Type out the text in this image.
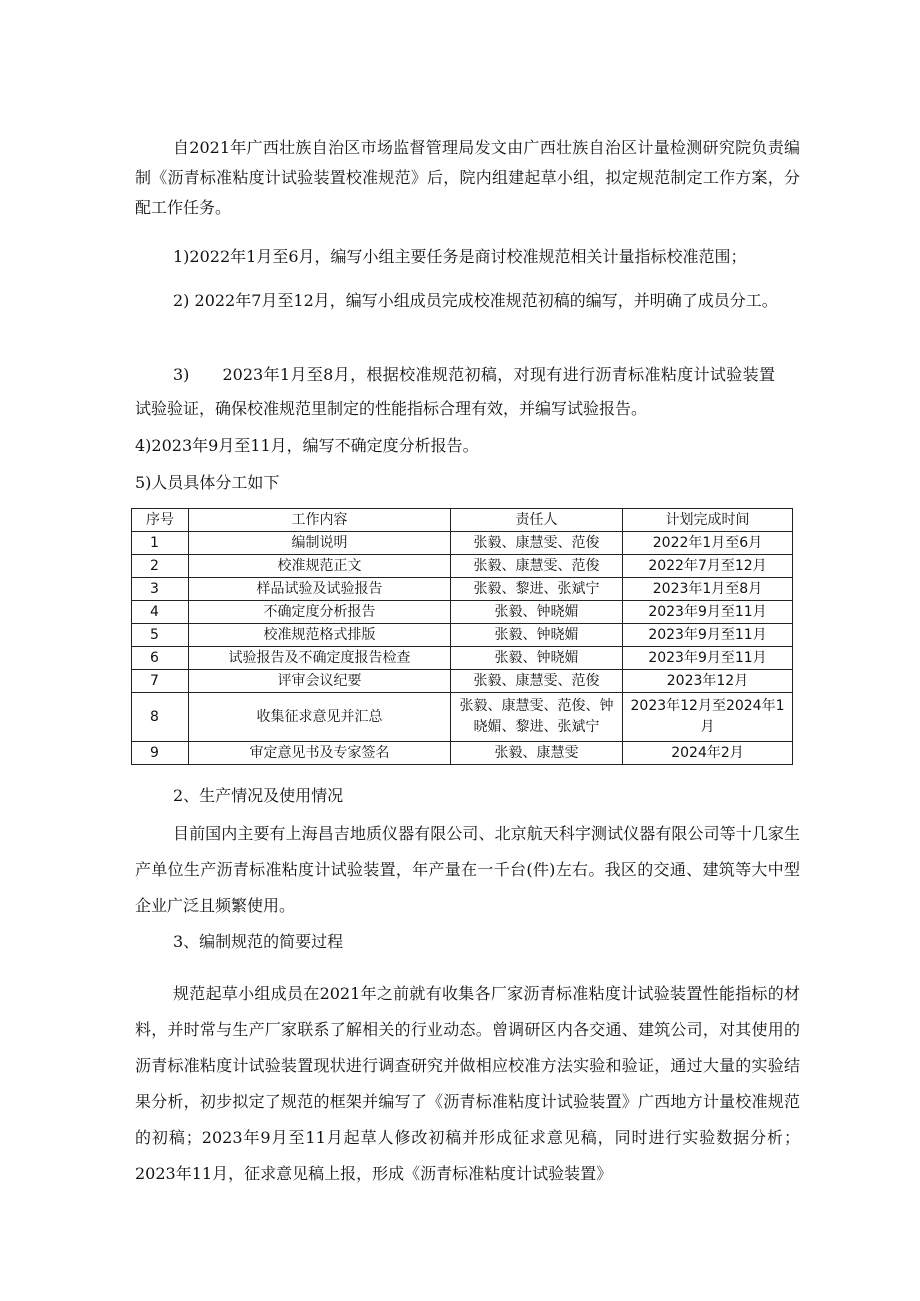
自2021年广西壮族自治区市场监督管理局发文由广西壮族自治区计量检测研究院负责编制《沥青标准粘度计试验装置校准规范》后，院内组建起草小组，拟定规范制定工作方案，分配工作任务。

1)2022年1月至6月，编写小组主要任务是商讨校准规范相关计量指标校准范围；

2) 2022年7月至12月，编写小组成员完成校准规范初稿的编写，并明确了成员分工。

3)　　2023年1月至8月，根据校准规范初稿，对现有进行沥青标准粘度计试验装置试验验证，确保校准规范里制定的性能指标合理有效，并编写试验报告。

4)2023年9月至11月，编写不确定度分析报告。

5)人员具体分工如下

序号	工作内容	责任人	计划完成时间
1	编制说明	张毅、康慧雯、范俊	2022年1月至6月
2	校准规范正文	张毅、康慧雯、范俊	2022年7月至12月
3	样品试验及试验报告	张毅、黎进、张斌宁	2023年1月至8月
4	不确定度分析报告	张毅、钟晓媚	2023年9月至11月
5	校准规范格式排版	张毅、钟晓媚	2023年9月至11月
6	试验报告及不确定度报告检查	张毅、钟晓媚	2023年9月至11月
7	评审会议纪要	张毅、康慧雯、范俊	2023年12月
8	收集征求意见并汇总	张毅、康慧雯、范俊、钟晓媚、黎进、张斌宁	2023年12月至2024年1月
9	审定意见书及专家签名	张毅、康慧雯	2024年2月

2、生产情况及使用情况

目前国内主要有上海昌吉地质仪器有限公司、北京航天科宇测试仪器有限公司等十几家生产单位生产沥青标准粘度计试验装置，年产量在一千台(件)左右。我区的交通、建筑等大中型企业广泛且频繁使用。

3、编制规范的简要过程

规范起草小组成员在2021年之前就有收集各厂家沥青标准粘度计试验装置性能指标的材料，并时常与生产厂家联系了解相关的行业动态。曾调研区内各交通、建筑公司，对其使用的沥青标准粘度计试验装置现状进行调查研究并做相应校准方法实验和验证，通过大量的实验结果分析，初步拟定了规范的框架并编写了《沥青标准粘度计试验装置》广西地方计量校准规范的初稿；2023年9月至11月起草人修改初稿并形成征求意见稿，同时进行实验数据分析；2023年11月，征求意见稿上报，形成《沥青标准粘度计试验装置》
